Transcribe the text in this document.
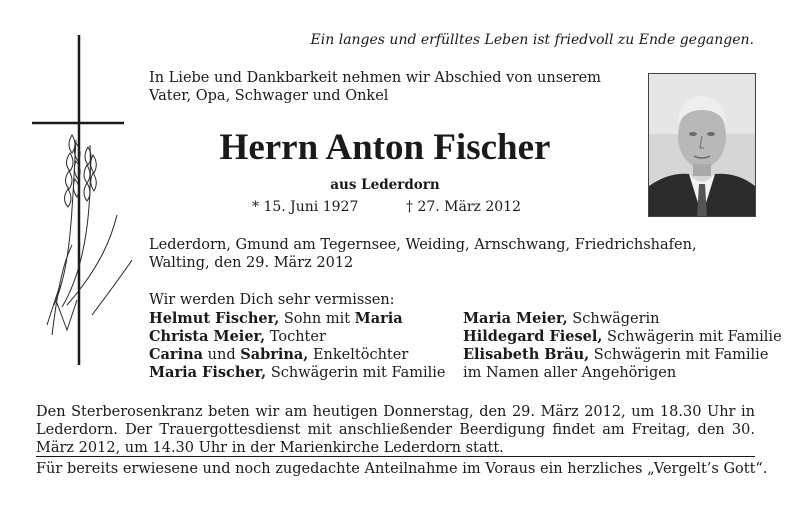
Ein langes und erfülltes Leben ist friedvoll zu Ende gegangen.
In Liebe und Dankbarkeit nehmen wir Abschied von unserem Vater, Opa, Schwager und Onkel
Herrn Anton Fischer
aus Lederdorn
* 15. Juni 1927	† 27. März 2012
Lederdorn, Gmund am Tegernsee, Weiding, Arnschwang, Friedrichshafen, Walting, den 29. März 2012
Wir werden Dich sehr vermissen:
Helmut Fischer, Sohn mit Maria
Christa Meier, Tochter
Carina und Sabrina, Enkeltöchter
Maria Fischer, Schwägerin mit Familie
Maria Meier, Schwägerin
Hildegard Fiesel, Schwägerin mit Familie
Elisabeth Bräu, Schwägerin mit Familie
im Namen aller Angehörigen
Den Sterberosenkranz beten wir am heutigen Donnerstag, den 29. März 2012, um 18.30 Uhr in Lederdorn. Der Trauergottesdienst mit anschließender Beerdigung findet am Freitag, den 30. März 2012, um 14.30 Uhr in der Marienkirche Lederdorn statt.
Für bereits erwiesene und noch zugedachte Anteilnahme im Voraus ein herzliches „Vergelt’s Gott“.
